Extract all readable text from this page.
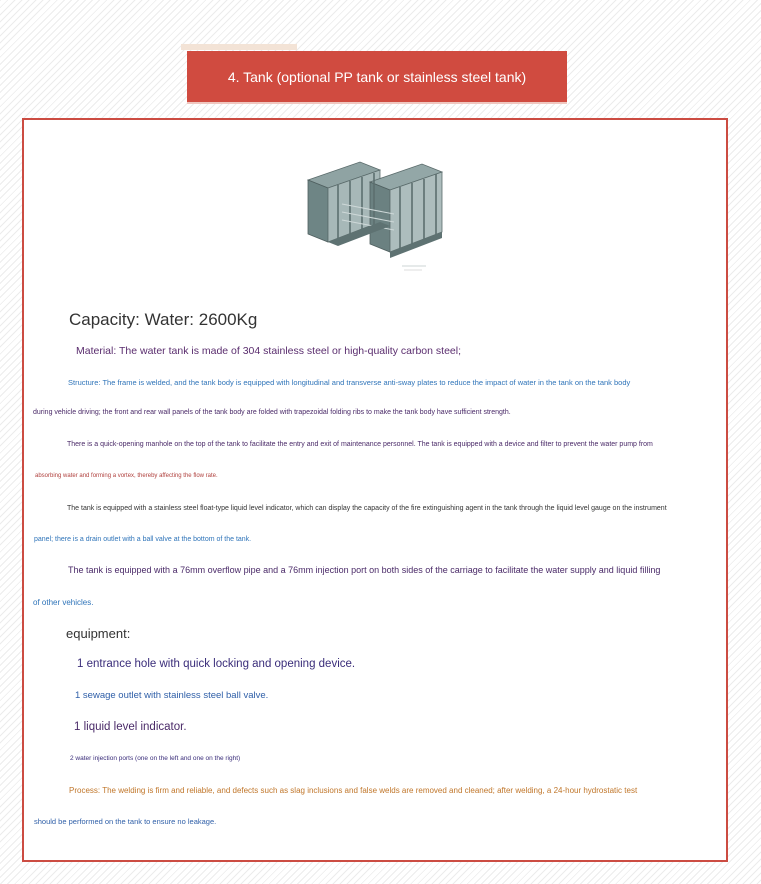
4. Tank (optional PP tank or stainless steel tank)

Capacity: Water: 2600Kg

Material: The water tank is made of 304 stainless steel or high-quality carbon steel;

Structure: The frame is welded, and the tank body is equipped with longitudinal and transverse anti-sway plates to reduce the impact of water in the tank on the tank body

during vehicle driving; the front and rear wall panels of the tank body are folded with trapezoidal folding ribs to make the tank body have sufficient strength.

There is a quick-opening manhole on the top of the tank to facilitate the entry and exit of maintenance personnel. The tank is equipped with a device and filter to prevent the water pump from

absorbing water and forming a vortex, thereby affecting the flow rate.

The tank is equipped with a stainless steel float-type liquid level indicator, which can display the capacity of the fire extinguishing agent in the tank through the liquid level gauge on the instrument

panel; there is a drain outlet with a ball valve at the bottom of the tank.

The tank is equipped with a 76mm overflow pipe and a 76mm injection port on both sides of the carriage to facilitate the water supply and liquid filling

of other vehicles.

equipment:

1 entrance hole with quick locking and opening device.

1 sewage outlet with stainless steel ball valve.

1 liquid level indicator.

2 water injection ports (one on the left and one on the right)

Process: The welding is firm and reliable, and defects such as slag inclusions and false welds are removed and cleaned; after welding, a 24-hour hydrostatic test

should be performed on the tank to ensure no leakage.
